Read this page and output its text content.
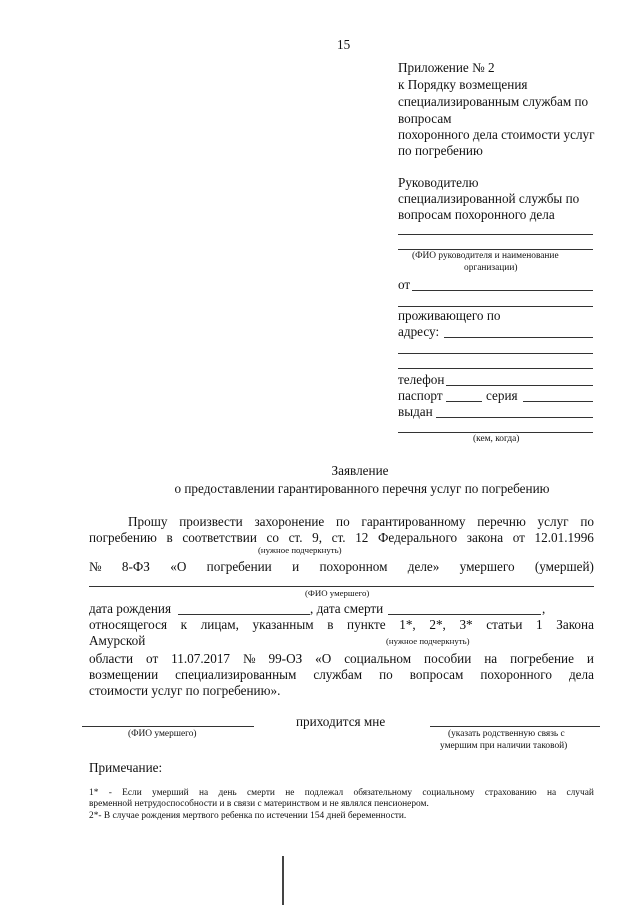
15
Приложение № 2
к Порядку возмещения
специализированным службам по
вопросам
похоронного дела стоимости услуг
по погребению
Руководителю
специализированной службы по
вопросам похоронного дела
(ФИО руководителя и наименование
организации)
от
проживающего по
адресу:
телефон
паспорт	серия
выдан
(кем, когда)
Заявление
о предоставлении гарантированного перечня услуг по погребению
Прошу произвести захоронение по гарантированному перечню услуг по
погребению в соответствии со ст. 9, ст. 12 Федерального закона от 12.01.1996
(нужное подчеркнуть)
№ 8-ФЗ «О погребении и похоронном деле» умершего (умершей)
(ФИО умершего)
дата рождения	, дата смерти	,
относящегося к лицам, указанным в пункте 1*, 2*, 3* статьи 1 Закона
Амурской	(нужное подчеркнуть)
области от 11.07.2017 № 99-ОЗ «О социальном пособии на погребение и
возмещении специализированным службам по вопросам похоронного дела
стоимости услуг по погребению».
приходится мне
(ФИО умершего)	(указать родственную связь с
умершим при наличии таковой)
Примечание:
1* - Если умерший на день смерти не подлежал обязательному социальному страхованию на случай
временной нетрудоспособности и в связи с материнством и не являлся пенсионером.
2*- В случае рождения мертвого ребенка по истечении 154 дней беременности.
